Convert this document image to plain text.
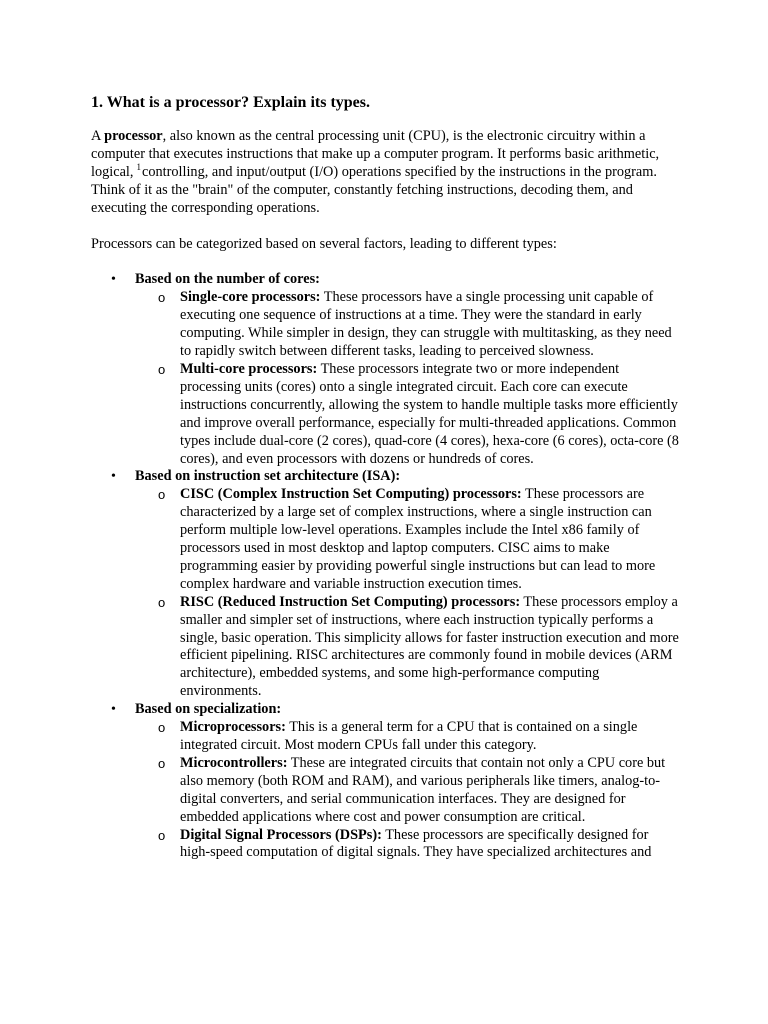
1. What is a processor? Explain its types.

A processor, also known as the central processing unit (CPU), is the electronic circuitry within a computer that executes instructions that make up a computer program. It performs basic arithmetic, logical, $^1$controlling, and input/output (I/O) operations specified by the instructions in the program. Think of it as the "brain" of the computer, constantly fetching instructions, decoding them, and executing the corresponding operations.

Processors can be categorized based on several factors, leading to different types:

• Based on the number of cores:
o Single-core processors: These processors have a single processing unit capable of executing one sequence of instructions at a time. They were the standard in early computing. While simpler in design, they can struggle with multitasking, as they need to rapidly switch between different tasks, leading to perceived slowness.
o Multi-core processors: These processors integrate two or more independent processing units (cores) onto a single integrated circuit. Each core can execute instructions concurrently, allowing the system to handle multiple tasks more efficiently and improve overall performance, especially for multi-threaded applications. Common types include dual-core (2 cores), quad-core (4 cores), hexa-core (6 cores), octa-core (8 cores), and even processors with dozens or hundreds of cores.
• Based on instruction set architecture (ISA):
o CISC (Complex Instruction Set Computing) processors: These processors are characterized by a large set of complex instructions, where a single instruction can perform multiple low-level operations. Examples include the Intel x86 family of processors used in most desktop and laptop computers. CISC aims to make programming easier by providing powerful single instructions but can lead to more complex hardware and variable instruction execution times.
o RISC (Reduced Instruction Set Computing) processors: These processors employ a smaller and simpler set of instructions, where each instruction typically performs a single, basic operation. This simplicity allows for faster instruction execution and more efficient pipelining. RISC architectures are commonly found in mobile devices (ARM architecture), embedded systems, and some high-performance computing environments.
• Based on specialization:
o Microprocessors: This is a general term for a CPU that is contained on a single integrated circuit. Most modern CPUs fall under this category.
o Microcontrollers: These are integrated circuits that contain not only a CPU core but also memory (both ROM and RAM), and various peripherals like timers, analog-to-digital converters, and serial communication interfaces. They are designed for embedded applications where cost and power consumption are critical.
o Digital Signal Processors (DSPs): These processors are specifically designed for high-speed computation of digital signals. They have specialized architectures and
